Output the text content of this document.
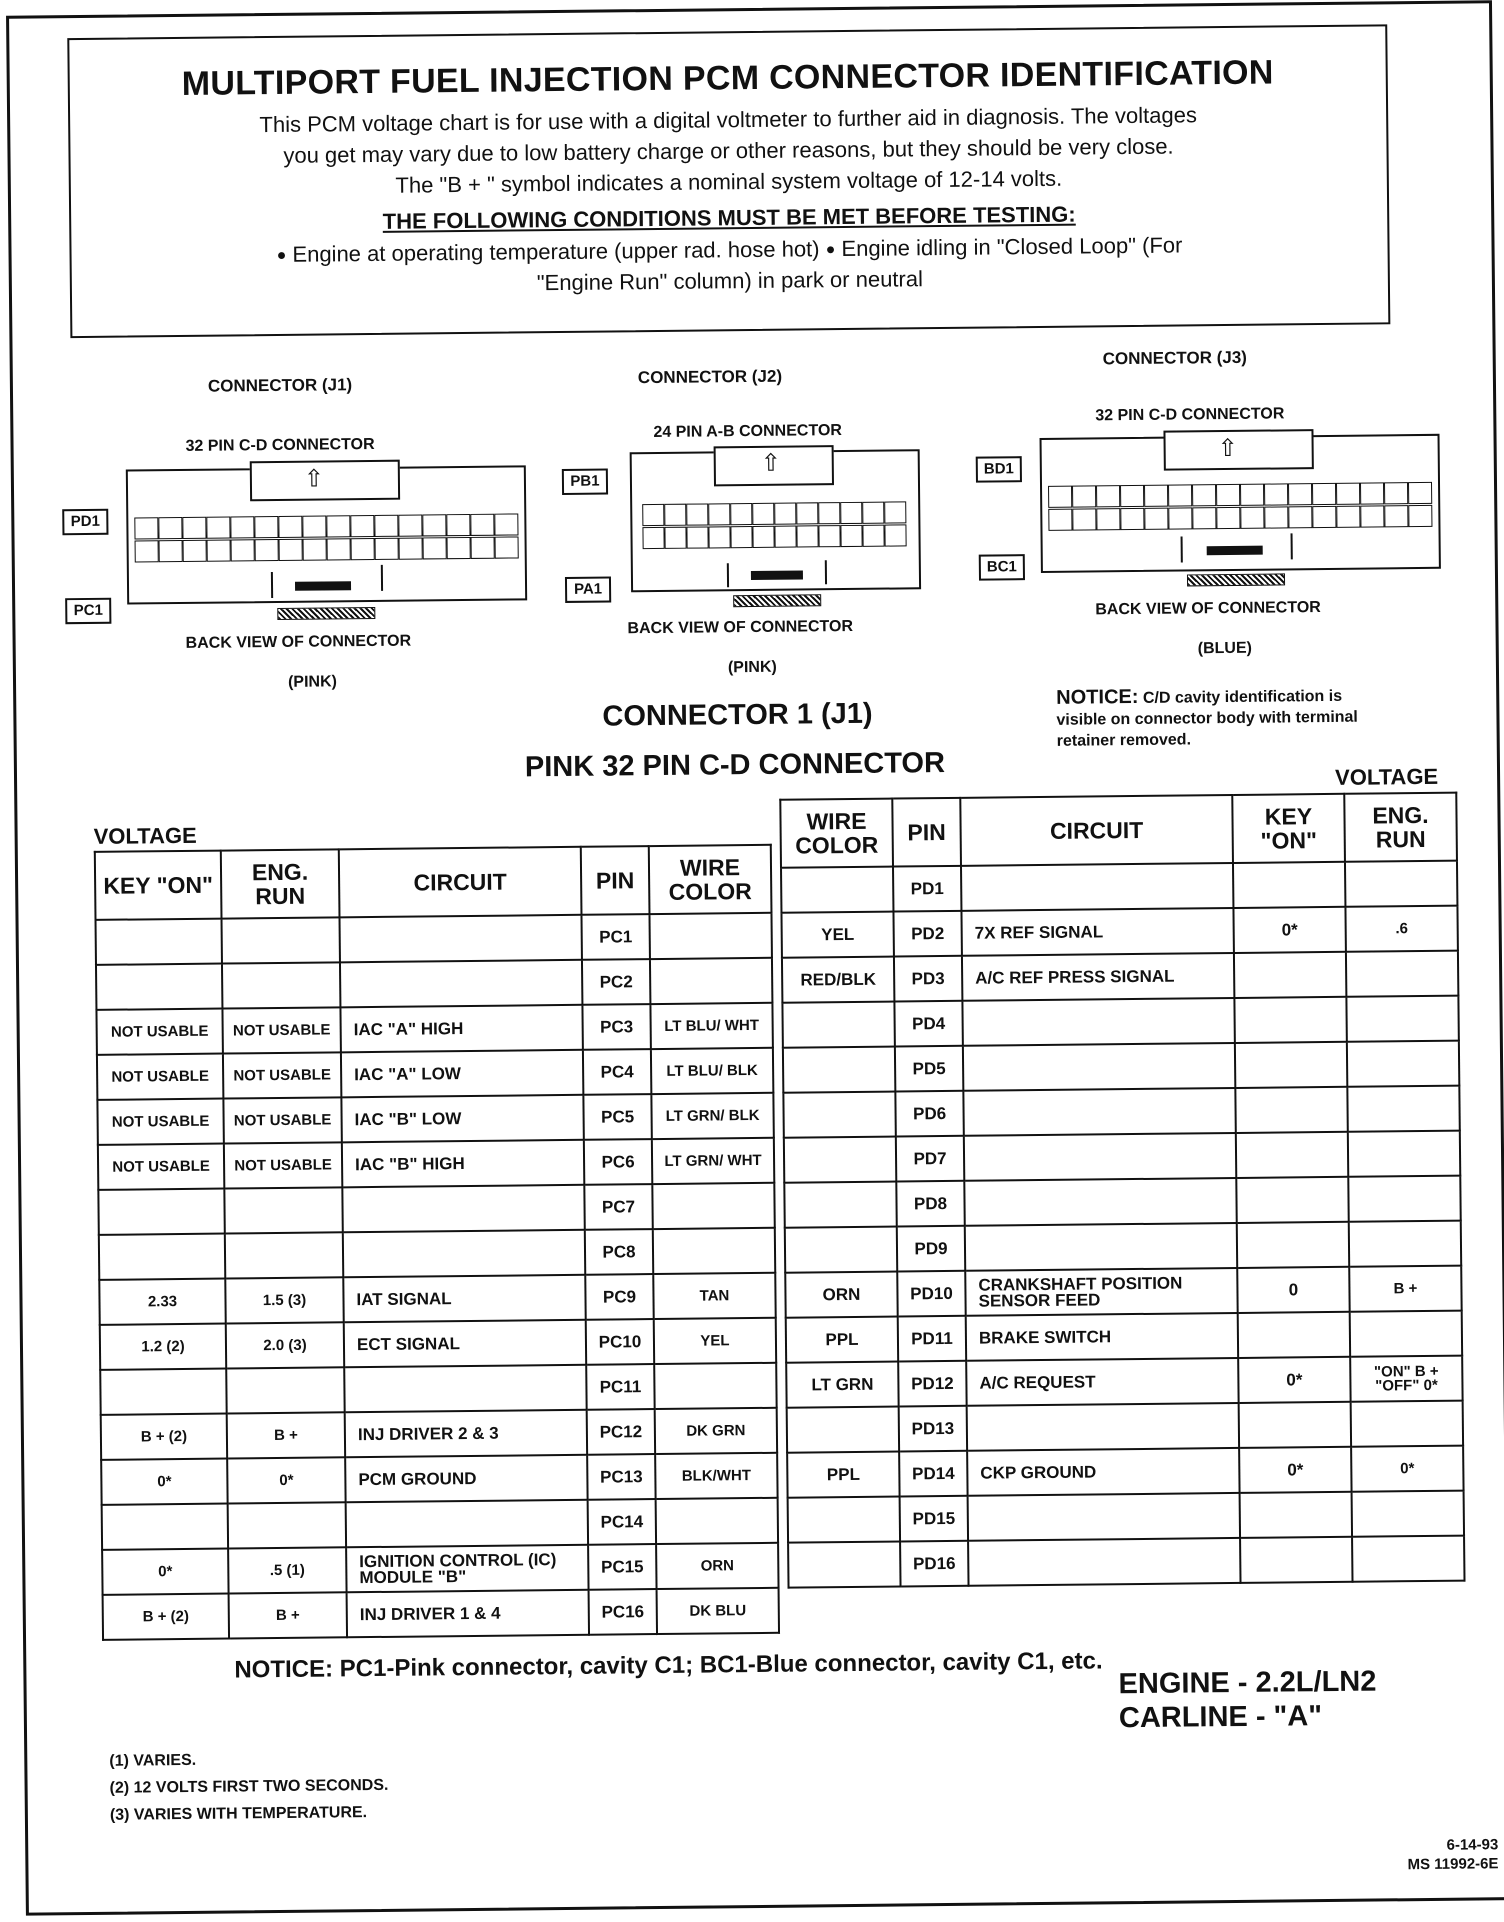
MULTIPORT FUEL INJECTION PCM CONNECTOR IDENTIFICATION
This PCM voltage chart is for use with a digital voltmeter to further aid in diagnosis. The voltages
you get may vary due to low battery charge or other reasons, but they should be very close.
The "B + " symbol indicates a nominal system voltage of 12-14 volts.
THE FOLLOWING CONDITIONS MUST BE MET BEFORE TESTING:
● Engine at operating temperature (upper rad. hose hot) ● Engine idling in "Closed Loop" (For
"Engine Run" column) in park or neutral
CONNECTOR (J1)
32 PIN C-D CONNECTOR
⇧
PD1
PC1
BACK VIEW OF CONNECTOR
(PINK)
CONNECTOR (J2)
24 PIN A-B CONNECTOR
⇧
PB1
PA1
BACK VIEW OF CONNECTOR
(PINK)
CONNECTOR (J3)
32 PIN C-D CONNECTOR
⇧
BD1
BC1
BACK VIEW OF CONNECTOR
(BLUE)
CONNECTOR 1 (J1)
PINK 32 PIN C-D CONNECTOR
NOTICE: C/D cavity identification is
visible on connector body with terminal
retainer removed.
VOLTAGE
KEY "ON"	ENG. RUN	CIRCUIT	PIN	WIRE COLOR
			PC1	
			PC2	
NOT USABLE	NOT USABLE	IAC "A" HIGH	PC3	LT BLU/ WHT
NOT USABLE	NOT USABLE	IAC "A" LOW	PC4	LT BLU/ BLK
NOT USABLE	NOT USABLE	IAC "B" LOW	PC5	LT GRN/ BLK
NOT USABLE	NOT USABLE	IAC "B" HIGH	PC6	LT GRN/ WHT
			PC7	
			PC8	
2.33	1.5 (3)	IAT SIGNAL	PC9	TAN
1.2 (2)	2.0 (3)	ECT SIGNAL	PC10	YEL
			PC11	
B + (2)	B +	INJ DRIVER 2 & 3	PC12	DK GRN
0*	0*	PCM GROUND	PC13	BLK/WHT
			PC14	
0*	.5 (1)	IGNITION CONTROL (IC) MODULE "B"	PC15	ORN
B + (2)	B +	INJ DRIVER 1 & 4	PC16	DK BLU
VOLTAGE
WIRE COLOR	PIN	CIRCUIT	KEY "ON"	ENG. RUN
	PD1			
YEL	PD2	7X REF SIGNAL	0*	.6
RED/BLK	PD3	A/C REF PRESS SIGNAL		
	PD4			
	PD5			
	PD6			
	PD7			
	PD8			
	PD9			
ORN	PD10	CRANKSHAFT POSITION SENSOR FEED	0	B +
PPL	PD11	BRAKE SWITCH		
LT GRN	PD12	A/C REQUEST	0*	"ON" B + "OFF" 0*
	PD13			
PPL	PD14	CKP GROUND	0*	0*
	PD15			
	PD16			
NOTICE: PC1-Pink connector, cavity C1; BC1-Blue connector, cavity C1, etc. ENGINE - 2.2L/LN2
CARLINE - "A"
(1) VARIES.
(2) 12 VOLTS FIRST TWO SECONDS.
(3) VARIES WITH TEMPERATURE.
6-14-93
MS 11992-6E
